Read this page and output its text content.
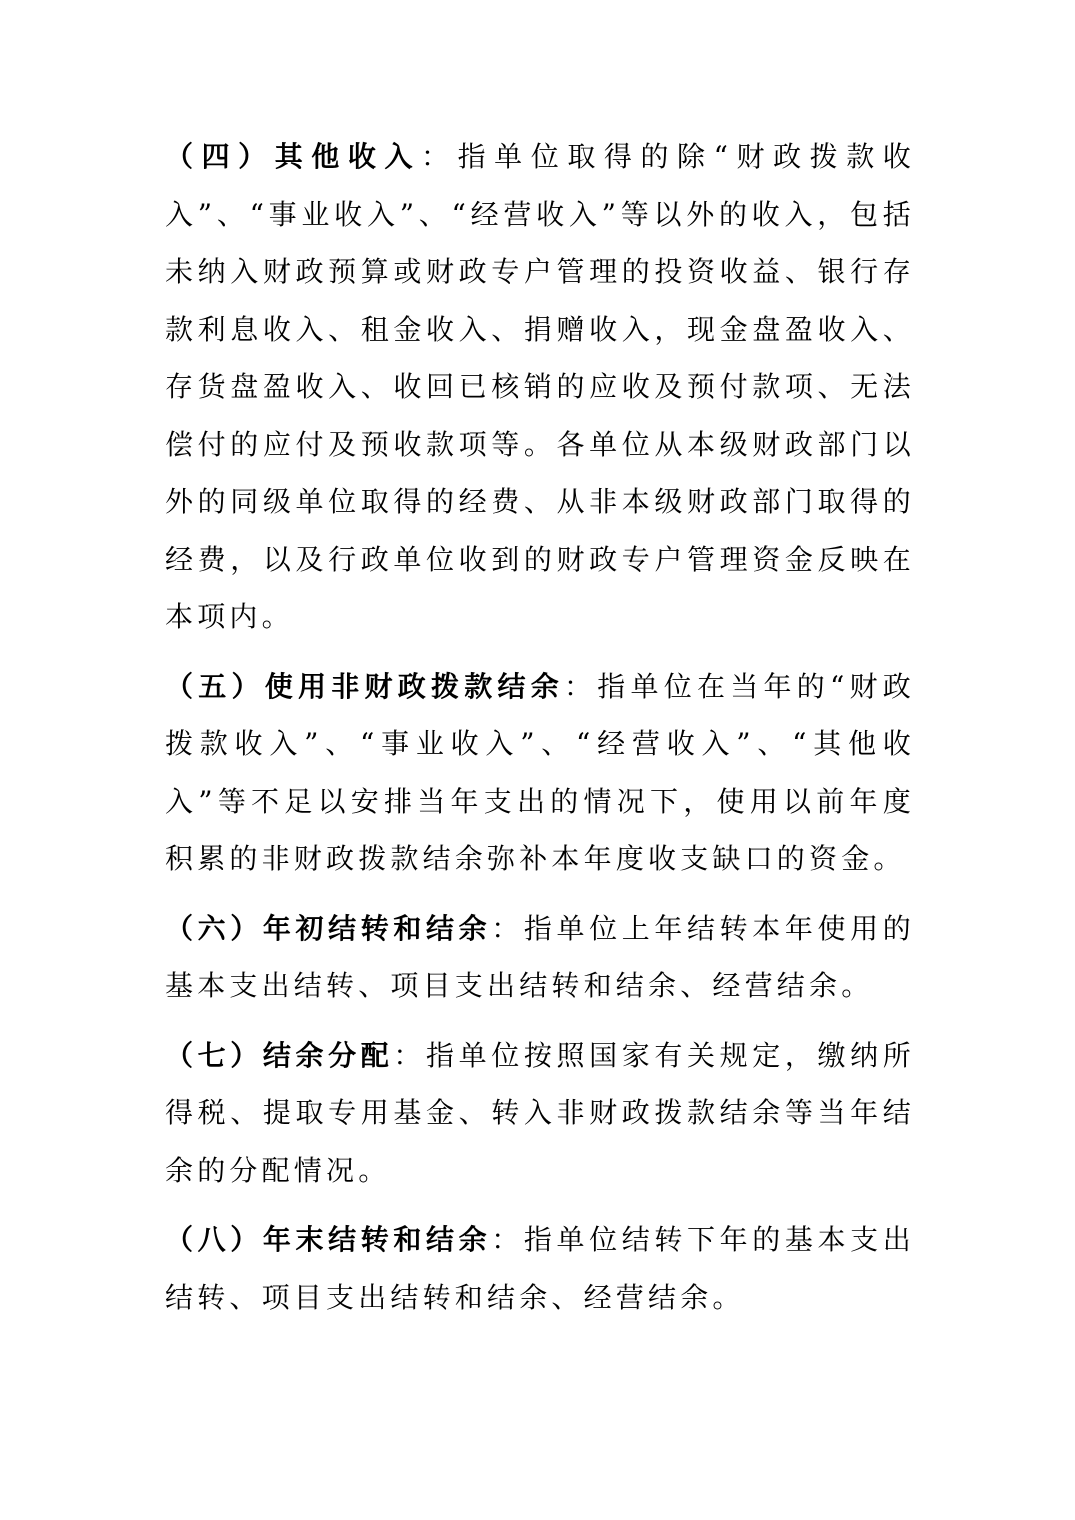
（四）其他收入：指单位取得的除“财政拨款收入”、“事业收入”、“经营收入”等以外的收入，包括未纳入财政预算或财政专户管理的投资收益、银行存款利息收入、租金收入、捐赠收入，现金盘盈收入、存货盘盈收入、收回已核销的应收及预付款项、无法偿付的应付及预收款项等。各单位从本级财政部门以外的同级单位取得的经费、从非本级财政部门取得的经费，以及行政单位收到的财政专户管理资金反映在本项内。

（五）使用非财政拨款结余：指单位在当年的“财政拨款收入”、“事业收入”、“经营收入”、“其他收入”等不足以安排当年支出的情况下，使用以前年度积累的非财政拨款结余弥补本年度收支缺口的资金。

（六）年初结转和结余：指单位上年结转本年使用的基本支出结转、项目支出结转和结余、经营结余。

（七）结余分配：指单位按照国家有关规定，缴纳所得税、提取专用基金、转入非财政拨款结余等当年结余的分配情况。

（八）年末结转和结余：指单位结转下年的基本支出结转、项目支出结转和结余、经营结余。
